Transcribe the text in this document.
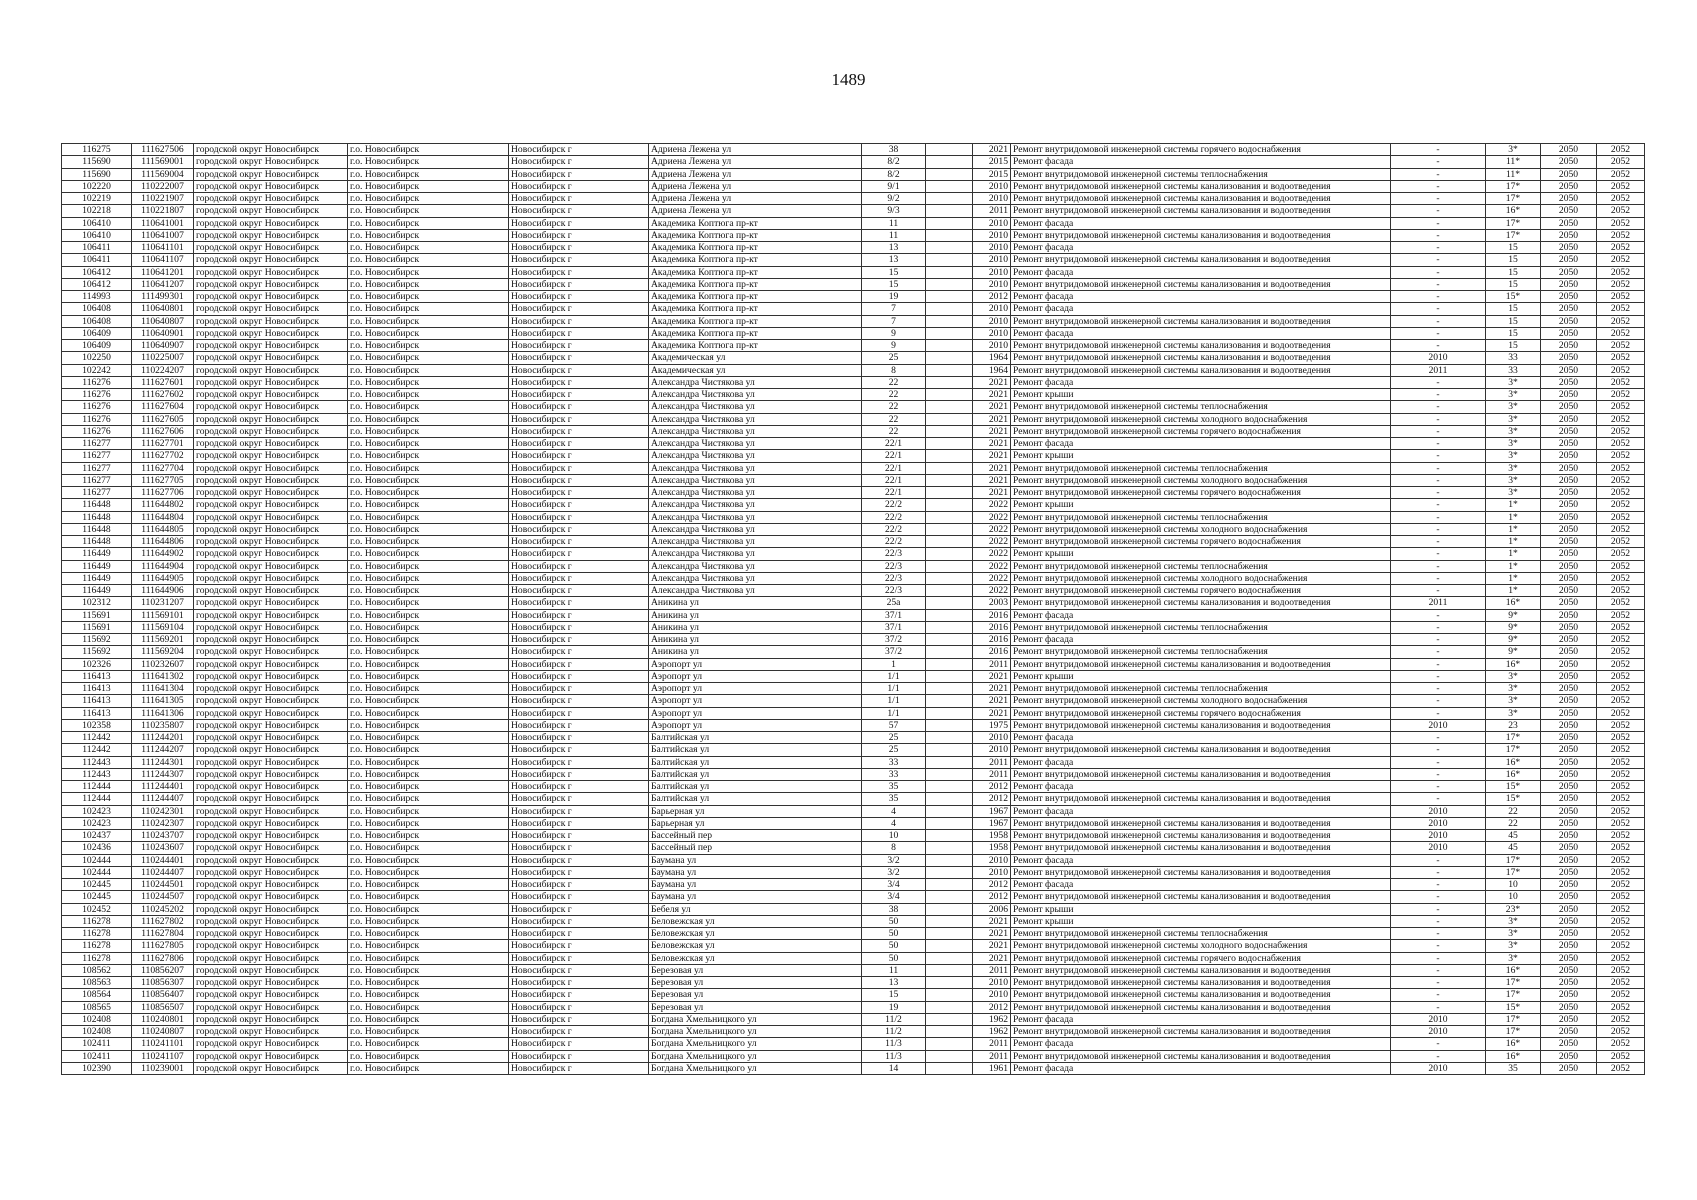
1489
116275	111627506	городской округ Новосибирск	г.о. Новосибирск	Новосибирск г	Адриена Лежена ул	38		2021	Ремонт внутридомовой инженерной системы горячего водоснабжения	-	3*	2050	2052
115690	111569001	городской округ Новосибирск	г.о. Новосибирск	Новосибирск г	Адриена Лежена ул	8/2		2015	Ремонт фасада	-	11*	2050	2052
115690	111569004	городской округ Новосибирск	г.о. Новосибирск	Новосибирск г	Адриена Лежена ул	8/2		2015	Ремонт внутридомовой инженерной системы теплоснабжения	-	11*	2050	2052
102220	110222007	городской округ Новосибирск	г.о. Новосибирск	Новосибирск г	Адриена Лежена ул	9/1		2010	Ремонт внутридомовой инженерной системы канализования и водоотведения	-	17*	2050	2052
102219	110221907	городской округ Новосибирск	г.о. Новосибирск	Новосибирск г	Адриена Лежена ул	9/2		2010	Ремонт внутридомовой инженерной системы канализования и водоотведения	-	17*	2050	2052
102218	110221807	городской округ Новосибирск	г.о. Новосибирск	Новосибирск г	Адриена Лежена ул	9/3		2011	Ремонт внутридомовой инженерной системы канализования и водоотведения	-	16*	2050	2052
106410	110641001	городской округ Новосибирск	г.о. Новосибирск	Новосибирск г	Академика Коптюга пр-кт	11		2010	Ремонт фасада	-	17*	2050	2052
106410	110641007	городской округ Новосибирск	г.о. Новосибирск	Новосибирск г	Академика Коптюга пр-кт	11		2010	Ремонт внутридомовой инженерной системы канализования и водоотведения	-	17*	2050	2052
106411	110641101	городской округ Новосибирск	г.о. Новосибирск	Новосибирск г	Академика Коптюга пр-кт	13		2010	Ремонт фасада	-	15	2050	2052
106411	110641107	городской округ Новосибирск	г.о. Новосибирск	Новосибирск г	Академика Коптюга пр-кт	13		2010	Ремонт внутридомовой инженерной системы канализования и водоотведения	-	15	2050	2052
106412	110641201	городской округ Новосибирск	г.о. Новосибирск	Новосибирск г	Академика Коптюга пр-кт	15		2010	Ремонт фасада	-	15	2050	2052
106412	110641207	городской округ Новосибирск	г.о. Новосибирск	Новосибирск г	Академика Коптюга пр-кт	15		2010	Ремонт внутридомовой инженерной системы канализования и водоотведения	-	15	2050	2052
114993	111499301	городской округ Новосибирск	г.о. Новосибирск	Новосибирск г	Академика Коптюга пр-кт	19		2012	Ремонт фасада	-	15*	2050	2052
106408	110640801	городской округ Новосибирск	г.о. Новосибирск	Новосибирск г	Академика Коптюга пр-кт	7		2010	Ремонт фасада	-	15	2050	2052
106408	110640807	городской округ Новосибирск	г.о. Новосибирск	Новосибирск г	Академика Коптюга пр-кт	7		2010	Ремонт внутридомовой инженерной системы канализования и водоотведения	-	15	2050	2052
106409	110640901	городской округ Новосибирск	г.о. Новосибирск	Новосибирск г	Академика Коптюга пр-кт	9		2010	Ремонт фасада	-	15	2050	2052
106409	110640907	городской округ Новосибирск	г.о. Новосибирск	Новосибирск г	Академика Коптюга пр-кт	9		2010	Ремонт внутридомовой инженерной системы канализования и водоотведения	-	15	2050	2052
102250	110225007	городской округ Новосибирск	г.о. Новосибирск	Новосибирск г	Академическая ул	25		1964	Ремонт внутридомовой инженерной системы канализования и водоотведения	2010	33	2050	2052
102242	110224207	городской округ Новосибирск	г.о. Новосибирск	Новосибирск г	Академическая ул	8		1964	Ремонт внутридомовой инженерной системы канализования и водоотведения	2011	33	2050	2052
116276	111627601	городской округ Новосибирск	г.о. Новосибирск	Новосибирск г	Александра Чистякова ул	22		2021	Ремонт фасада	-	3*	2050	2052
116276	111627602	городской округ Новосибирск	г.о. Новосибирск	Новосибирск г	Александра Чистякова ул	22		2021	Ремонт крыши	-	3*	2050	2052
116276	111627604	городской округ Новосибирск	г.о. Новосибирск	Новосибирск г	Александра Чистякова ул	22		2021	Ремонт внутридомовой инженерной системы теплоснабжения	-	3*	2050	2052
116276	111627605	городской округ Новосибирск	г.о. Новосибирск	Новосибирск г	Александра Чистякова ул	22		2021	Ремонт внутридомовой инженерной системы холодного водоснабжения	-	3*	2050	2052
116276	111627606	городской округ Новосибирск	г.о. Новосибирск	Новосибирск г	Александра Чистякова ул	22		2021	Ремонт внутридомовой инженерной системы горячего водоснабжения	-	3*	2050	2052
116277	111627701	городской округ Новосибирск	г.о. Новосибирск	Новосибирск г	Александра Чистякова ул	22/1		2021	Ремонт фасада	-	3*	2050	2052
116277	111627702	городской округ Новосибирск	г.о. Новосибирск	Новосибирск г	Александра Чистякова ул	22/1		2021	Ремонт крыши	-	3*	2050	2052
116277	111627704	городской округ Новосибирск	г.о. Новосибирск	Новосибирск г	Александра Чистякова ул	22/1		2021	Ремонт внутридомовой инженерной системы теплоснабжения	-	3*	2050	2052
116277	111627705	городской округ Новосибирск	г.о. Новосибирск	Новосибирск г	Александра Чистякова ул	22/1		2021	Ремонт внутридомовой инженерной системы холодного водоснабжения	-	3*	2050	2052
116277	111627706	городской округ Новосибирск	г.о. Новосибирск	Новосибирск г	Александра Чистякова ул	22/1		2021	Ремонт внутридомовой инженерной системы горячего водоснабжения	-	3*	2050	2052
116448	111644802	городской округ Новосибирск	г.о. Новосибирск	Новосибирск г	Александра Чистякова ул	22/2		2022	Ремонт крыши	-	1*	2050	2052
116448	111644804	городской округ Новосибирск	г.о. Новосибирск	Новосибирск г	Александра Чистякова ул	22/2		2022	Ремонт внутридомовой инженерной системы теплоснабжения	-	1*	2050	2052
116448	111644805	городской округ Новосибирск	г.о. Новосибирск	Новосибирск г	Александра Чистякова ул	22/2		2022	Ремонт внутридомовой инженерной системы холодного водоснабжения	-	1*	2050	2052
116448	111644806	городской округ Новосибирск	г.о. Новосибирск	Новосибирск г	Александра Чистякова ул	22/2		2022	Ремонт внутридомовой инженерной системы горячего водоснабжения	-	1*	2050	2052
116449	111644902	городской округ Новосибирск	г.о. Новосибирск	Новосибирск г	Александра Чистякова ул	22/3		2022	Ремонт крыши	-	1*	2050	2052
116449	111644904	городской округ Новосибирск	г.о. Новосибирск	Новосибирск г	Александра Чистякова ул	22/3		2022	Ремонт внутридомовой инженерной системы теплоснабжения	-	1*	2050	2052
116449	111644905	городской округ Новосибирск	г.о. Новосибирск	Новосибирск г	Александра Чистякова ул	22/3		2022	Ремонт внутридомовой инженерной системы холодного водоснабжения	-	1*	2050	2052
116449	111644906	городской округ Новосибирск	г.о. Новосибирск	Новосибирск г	Александра Чистякова ул	22/3		2022	Ремонт внутридомовой инженерной системы горячего водоснабжения	-	1*	2050	2052
102312	110231207	городской округ Новосибирск	г.о. Новосибирск	Новосибирск г	Аникина ул	25а		2003	Ремонт внутридомовой инженерной системы канализования и водоотведения	2011	16*	2050	2052
115691	111569101	городской округ Новосибирск	г.о. Новосибирск	Новосибирск г	Аникина ул	37/1		2016	Ремонт фасада	-	9*	2050	2052
115691	111569104	городской округ Новосибирск	г.о. Новосибирск	Новосибирск г	Аникина ул	37/1		2016	Ремонт внутридомовой инженерной системы теплоснабжения	-	9*	2050	2052
115692	111569201	городской округ Новосибирск	г.о. Новосибирск	Новосибирск г	Аникина ул	37/2		2016	Ремонт фасада	-	9*	2050	2052
115692	111569204	городской округ Новосибирск	г.о. Новосибирск	Новосибирск г	Аникина ул	37/2		2016	Ремонт внутридомовой инженерной системы теплоснабжения	-	9*	2050	2052
102326	110232607	городской округ Новосибирск	г.о. Новосибирск	Новосибирск г	Аэропорт ул	1		2011	Ремонт внутридомовой инженерной системы канализования и водоотведения	-	16*	2050	2052
116413	111641302	городской округ Новосибирск	г.о. Новосибирск	Новосибирск г	Аэропорт ул	1/1		2021	Ремонт крыши	-	3*	2050	2052
116413	111641304	городской округ Новосибирск	г.о. Новосибирск	Новосибирск г	Аэропорт ул	1/1		2021	Ремонт внутридомовой инженерной системы теплоснабжения	-	3*	2050	2052
116413	111641305	городской округ Новосибирск	г.о. Новосибирск	Новосибирск г	Аэропорт ул	1/1		2021	Ремонт внутридомовой инженерной системы холодного водоснабжения	-	3*	2050	2052
116413	111641306	городской округ Новосибирск	г.о. Новосибирск	Новосибирск г	Аэропорт ул	1/1		2021	Ремонт внутридомовой инженерной системы горячего водоснабжения	-	3*	2050	2052
102358	110235807	городской округ Новосибирск	г.о. Новосибирск	Новосибирск г	Аэропорт ул	57		1975	Ремонт внутридомовой инженерной системы канализования и водоотведения	2010	23	2050	2052
112442	111244201	городской округ Новосибирск	г.о. Новосибирск	Новосибирск г	Балтийская ул	25		2010	Ремонт фасада	-	17*	2050	2052
112442	111244207	городской округ Новосибирск	г.о. Новосибирск	Новосибирск г	Балтийская ул	25		2010	Ремонт внутридомовой инженерной системы канализования и водоотведения	-	17*	2050	2052
112443	111244301	городской округ Новосибирск	г.о. Новосибирск	Новосибирск г	Балтийская ул	33		2011	Ремонт фасада	-	16*	2050	2052
112443	111244307	городской округ Новосибирск	г.о. Новосибирск	Новосибирск г	Балтийская ул	33		2011	Ремонт внутридомовой инженерной системы канализования и водоотведения	-	16*	2050	2052
112444	111244401	городской округ Новосибирск	г.о. Новосибирск	Новосибирск г	Балтийская ул	35		2012	Ремонт фасада	-	15*	2050	2052
112444	111244407	городской округ Новосибирск	г.о. Новосибирск	Новосибирск г	Балтийская ул	35		2012	Ремонт внутридомовой инженерной системы канализования и водоотведения	-	15*	2050	2052
102423	110242301	городской округ Новосибирск	г.о. Новосибирск	Новосибирск г	Барьерная ул	4		1967	Ремонт фасада	2010	22	2050	2052
102423	110242307	городской округ Новосибирск	г.о. Новосибирск	Новосибирск г	Барьерная ул	4		1967	Ремонт внутридомовой инженерной системы канализования и водоотведения	2010	22	2050	2052
102437	110243707	городской округ Новосибирск	г.о. Новосибирск	Новосибирск г	Бассейный пер	10		1958	Ремонт внутридомовой инженерной системы канализования и водоотведения	2010	45	2050	2052
102436	110243607	городской округ Новосибирск	г.о. Новосибирск	Новосибирск г	Бассейный пер	8		1958	Ремонт внутридомовой инженерной системы канализования и водоотведения	2010	45	2050	2052
102444	110244401	городской округ Новосибирск	г.о. Новосибирск	Новосибирск г	Баумана ул	3/2		2010	Ремонт фасада	-	17*	2050	2052
102444	110244407	городской округ Новосибирск	г.о. Новосибирск	Новосибирск г	Баумана ул	3/2		2010	Ремонт внутридомовой инженерной системы канализования и водоотведения	-	17*	2050	2052
102445	110244501	городской округ Новосибирск	г.о. Новосибирск	Новосибирск г	Баумана ул	3/4		2012	Ремонт фасада	-	10	2050	2052
102445	110244507	городской округ Новосибирск	г.о. Новосибирск	Новосибирск г	Баумана ул	3/4		2012	Ремонт внутридомовой инженерной системы канализования и водоотведения	-	10	2050	2052
102452	110245202	городской округ Новосибирск	г.о. Новосибирск	Новосибирск г	Бебеля ул	38		2006	Ремонт крыши	-	23*	2050	2052
116278	111627802	городской округ Новосибирск	г.о. Новосибирск	Новосибирск г	Беловежская ул	50		2021	Ремонт крыши	-	3*	2050	2052
116278	111627804	городской округ Новосибирск	г.о. Новосибирск	Новосибирск г	Беловежская ул	50		2021	Ремонт внутридомовой инженерной системы теплоснабжения	-	3*	2050	2052
116278	111627805	городской округ Новосибирск	г.о. Новосибирск	Новосибирск г	Беловежская ул	50		2021	Ремонт внутридомовой инженерной системы холодного водоснабжения	-	3*	2050	2052
116278	111627806	городской округ Новосибирск	г.о. Новосибирск	Новосибирск г	Беловежская ул	50		2021	Ремонт внутридомовой инженерной системы горячего водоснабжения	-	3*	2050	2052
108562	110856207	городской округ Новосибирск	г.о. Новосибирск	Новосибирск г	Березовая ул	11		2011	Ремонт внутридомовой инженерной системы канализования и водоотведения	-	16*	2050	2052
108563	110856307	городской округ Новосибирск	г.о. Новосибирск	Новосибирск г	Березовая ул	13		2010	Ремонт внутридомовой инженерной системы канализования и водоотведения	-	17*	2050	2052
108564	110856407	городской округ Новосибирск	г.о. Новосибирск	Новосибирск г	Березовая ул	15		2010	Ремонт внутридомовой инженерной системы канализования и водоотведения	-	17*	2050	2052
108565	110856507	городской округ Новосибирск	г.о. Новосибирск	Новосибирск г	Березовая ул	19		2012	Ремонт внутридомовой инженерной системы канализования и водоотведения	-	15*	2050	2052
102408	110240801	городской округ Новосибирск	г.о. Новосибирск	Новосибирск г	Богдана Хмельницкого ул	11/2		1962	Ремонт фасада	2010	17*	2050	2052
102408	110240807	городской округ Новосибирск	г.о. Новосибирск	Новосибирск г	Богдана Хмельницкого ул	11/2		1962	Ремонт внутридомовой инженерной системы канализования и водоотведения	2010	17*	2050	2052
102411	110241101	городской округ Новосибирск	г.о. Новосибирск	Новосибирск г	Богдана Хмельницкого ул	11/3		2011	Ремонт фасада	-	16*	2050	2052
102411	110241107	городской округ Новосибирск	г.о. Новосибирск	Новосибирск г	Богдана Хмельницкого ул	11/3		2011	Ремонт внутридомовой инженерной системы канализования и водоотведения	-	16*	2050	2052
102390	110239001	городской округ Новосибирск	г.о. Новосибирск	Новосибирск г	Богдана Хмельницкого ул	14		1961	Ремонт фасада	2010	35	2050	2052
